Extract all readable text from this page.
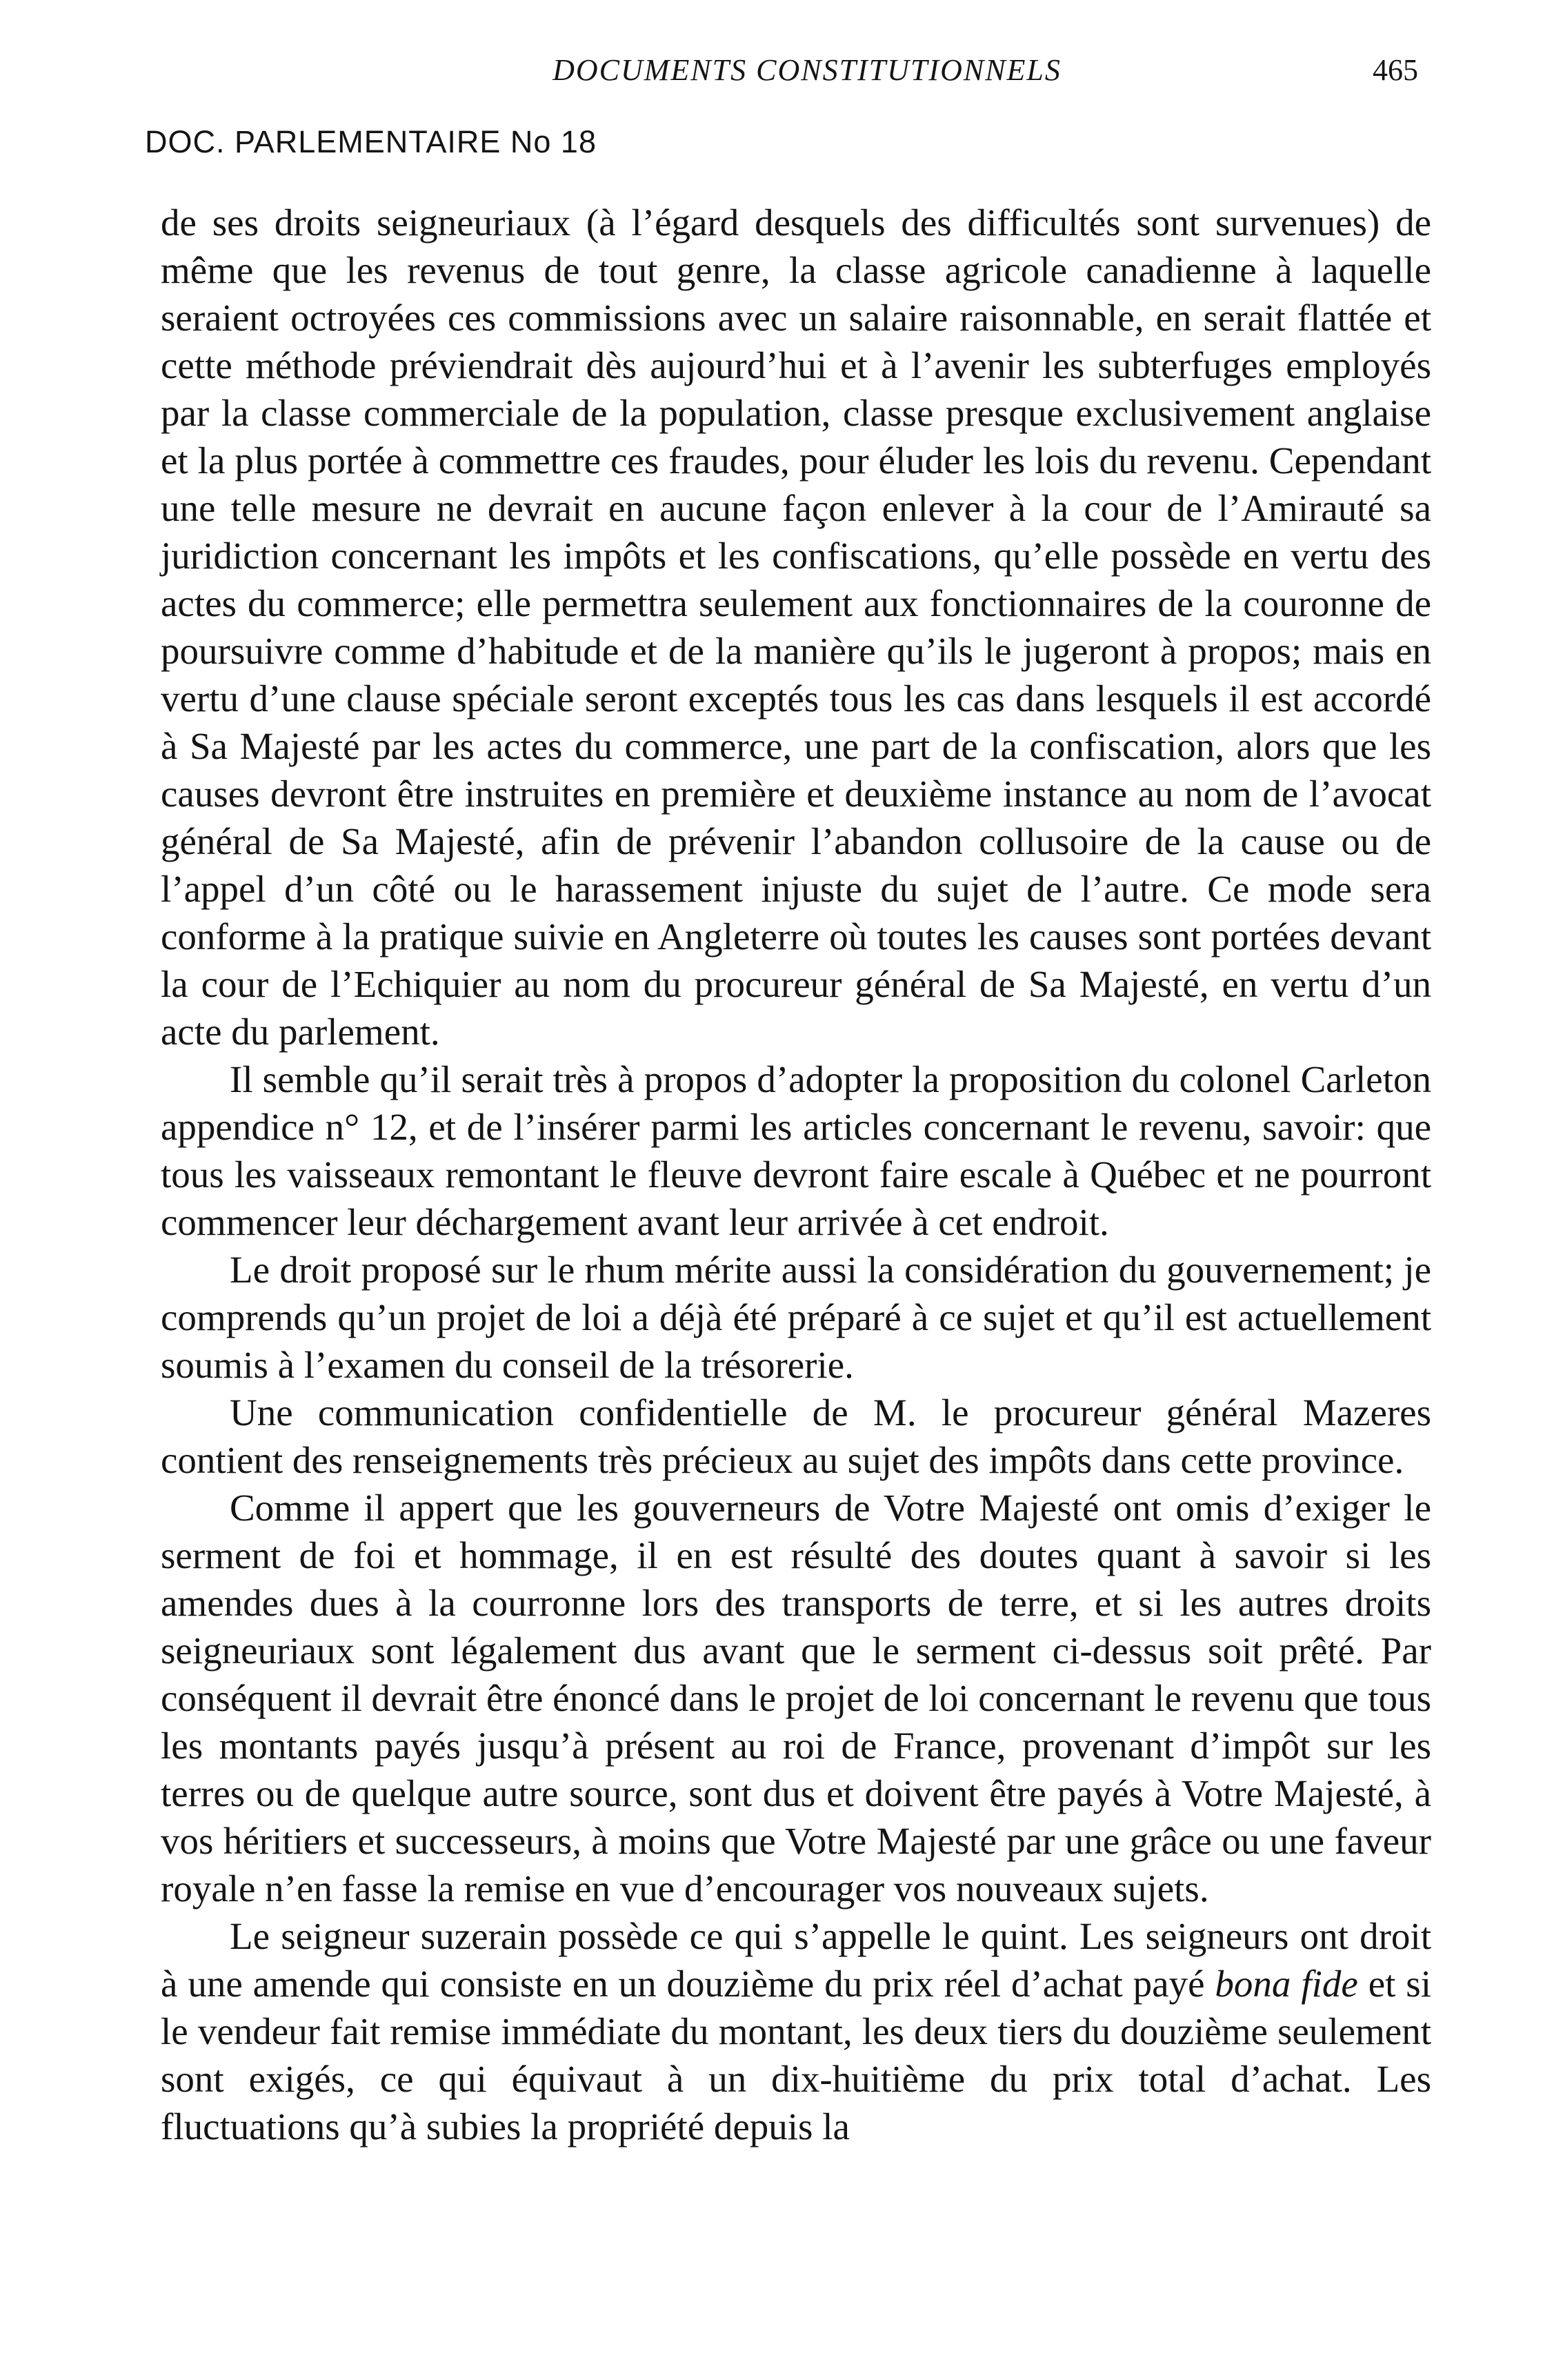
DOCUMENTS CONSTITUTIONNELS	465
DOC. PARLEMENTAIRE No 18

de ses droits seigneuriaux (à l’égard desquels des difficultés sont survenues) de même que les revenus de tout genre, la classe agricole canadienne à laquelle seraient octroyées ces commissions avec un salaire raisonnable, en serait flattée et cette méthode préviendrait dès aujourd’hui et à l’avenir les subterfuges employés par la classe commerciale de la population, classe presque exclusivement anglaise et la plus portée à commettre ces fraudes, pour éluder les lois du revenu. Cependant une telle mesure ne devrait en aucune façon enlever à la cour de l’Amirauté sa juridiction concernant les impôts et les confiscations, qu’elle possède en vertu des actes du commerce; elle permettra seulement aux fonctionnaires de la couronne de poursuivre comme d’habitude et de la manière qu’ils le jugeront à propos; mais en vertu d’une clause spéciale seront exceptés tous les cas dans lesquels il est accordé à Sa Majesté par les actes du commerce, une part de la confiscation, alors que les causes devront être instruites en première et deuxième instance au nom de l’avocat général de Sa Majesté, afin de prévenir l’abandon collusoire de la cause ou de l’appel d’un côté ou le harassement injuste du sujet de l’autre. Ce mode sera conforme à la pratique suivie en Angleterre où toutes les causes sont portées devant la cour de l’Echiquier au nom du procureur général de Sa Majesté, en vertu d’un acte du parlement.

Il semble qu’il serait très à propos d’adopter la proposition du colonel Carleton appendice n° 12, et de l’insérer parmi les articles concernant le revenu, savoir: que tous les vaisseaux remontant le fleuve devront faire escale à Québec et ne pourront commencer leur déchargement avant leur arrivée à cet endroit.

Le droit proposé sur le rhum mérite aussi la considération du gouvernement; je comprends qu’un projet de loi a déjà été préparé à ce sujet et qu’il est actuellement soumis à l’examen du conseil de la trésorerie.

Une communication confidentielle de M. le procureur général Mazeres contient des renseignements très précieux au sujet des impôts dans cette province.

Comme il appert que les gouverneurs de Votre Majesté ont omis d’exiger le serment de foi et hommage, il en est résulté des doutes quant à savoir si les amendes dues à la courronne lors des transports de terre, et si les autres droits seigneuriaux sont légalement dus avant que le serment ci-dessus soit prêté. Par conséquent il devrait être énoncé dans le projet de loi concernant le revenu que tous les montants payés jusqu’à présent au roi de France, provenant d’impôt sur les terres ou de quelque autre source, sont dus et doivent être payés à Votre Majesté, à vos héritiers et successeurs, à moins que Votre Majesté par une grâce ou une faveur royale n’en fasse la remise en vue d’encourager vos nouveaux sujets.

Le seigneur suzerain possède ce qui s’appelle le quint. Les seigneurs ont droit à une amende qui consiste en un douzième du prix réel d’achat payé bona fide et si le vendeur fait remise immédiate du montant, les deux tiers du douzième seulement sont exigés, ce qui équivaut à un dix-huitième du prix total d’achat. Les fluctuations qu’à subies la propriété depuis la
